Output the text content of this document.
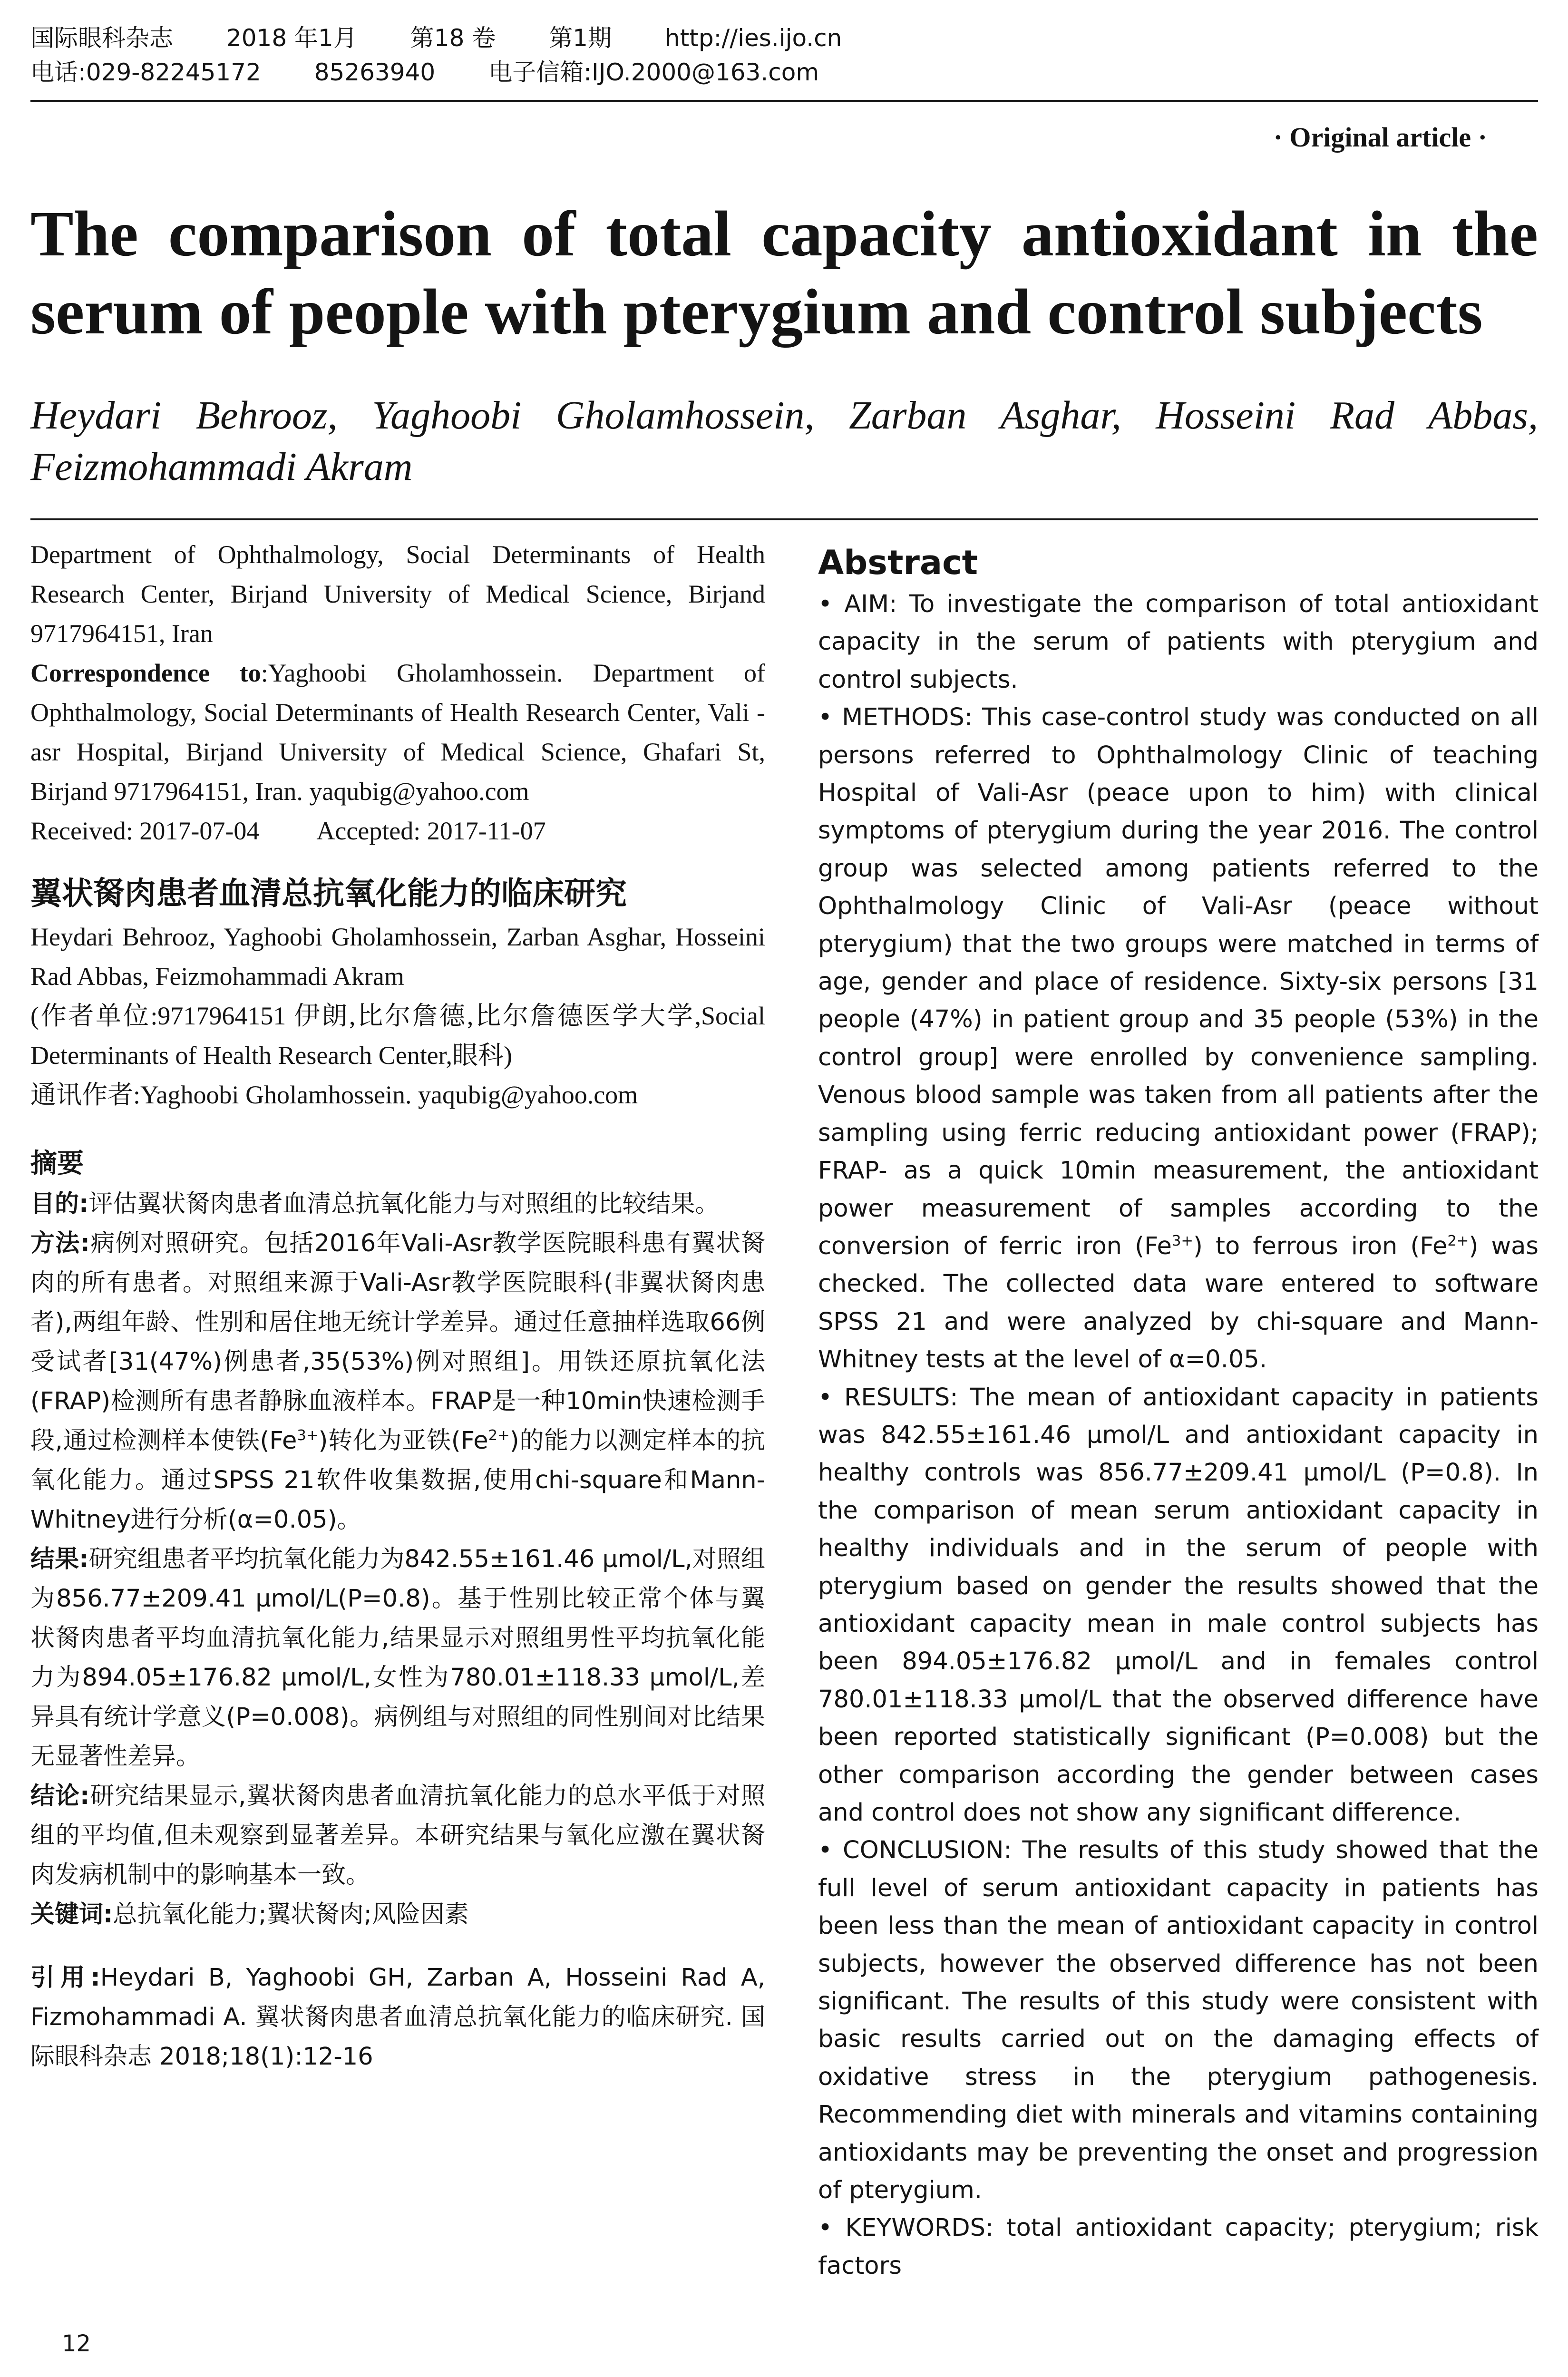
国际眼科杂志 2018 年1月 第18 卷 第1期 http://ies.ijo.cn
电话:029-82245172 85263940 电子信箱:IJO.2000@163.com
· Original article ·
The comparison of total capacity antioxidant in the serum of people with pterygium and control subjects
Heydari Behrooz, Yaghoobi Gholamhossein, Zarban Asghar, Hosseini Rad Abbas, Feizmohammadi Akram

Department of Ophthalmology, Social Determinants of Health Research Center, Birjand University of Medical Science, Birjand 9717964151, Iran

Correspondence to:Yaghoobi Gholamhossein. Department of Ophthalmology, Social Determinants of Health Research Center, Vali - asr Hospital, Birjand University of Medical Science, Ghafari St, Birjand 9717964151, Iran. yaqubig@yahoo.com

Received: 2017-07-04 Accepted: 2017-11-07

翼状胬肉患者血清总抗氧化能力的临床研究

Heydari Behrooz, Yaghoobi Gholamhossein, Zarban Asghar, Hosseini Rad Abbas, Feizmohammadi Akram

(作者单位:9717964151 伊朗,比尔詹德,比尔詹德医学大学,Social Determinants of Health Research Center,眼科)

通讯作者:Yaghoobi Gholamhossein. yaqubig@yahoo.com

摘要

目的:评估翼状胬肉患者血清总抗氧化能力与对照组的比较结果。

方法:病例对照研究。包括2016年Vali-Asr教学医院眼科患有翼状胬肉的所有患者。对照组来源于Vali-Asr教学医院眼科(非翼状胬肉患者),两组年龄、性别和居住地无统计学差异。通过任意抽样选取66例受试者[31(47%)例患者,35(53%)例对照组]。用铁还原抗氧化法(FRAP)检测所有患者静脉血液样本。FRAP是一种10min快速检测手段,通过检测样本使铁$(Fe^{3+})$转化为亚铁$(Fe^{2+})$的能力以测定样本的抗氧化能力。通过SPSS 21软件收集数据,使用chi-square和Mann-Whitney进行分析(α=0.05)。

结果:研究组患者平均抗氧化能力为842.55±161.46 μmol/L,对照组为856.77±209.41 μmol/L(P=0.8)。基于性别比较正常个体与翼状胬肉患者平均血清抗氧化能力,结果显示对照组男性平均抗氧化能力为894.05±176.82 μmol/L,女性为780.01±118.33 μmol/L,差异具有统计学意义(P=0.008)。病例组与对照组的同性别间对比结果无显著性差异。

结论:研究结果显示,翼状胬肉患者血清抗氧化能力的总水平低于对照组的平均值,但未观察到显著差异。本研究结果与氧化应激在翼状胬肉发病机制中的影响基本一致。

关键词:总抗氧化能力;翼状胬肉;风险因素

引用:Heydari B, Yaghoobi GH, Zarban A, Hosseini Rad A, Fizmohammadi A. 翼状胬肉患者血清总抗氧化能力的临床研究. 国际眼科杂志 2018;18(1):12-16

Abstract

• AIM: To investigate the comparison of total antioxidant capacity in the serum of patients with pterygium and control subjects.

• METHODS: This case-control study was conducted on all persons referred to Ophthalmology Clinic of teaching Hospital of Vali-Asr (peace upon to him) with clinical symptoms of pterygium during the year 2016. The control group was selected among patients referred to the Ophthalmology Clinic of Vali-Asr (peace without pterygium) that the two groups were matched in terms of age, gender and place of residence. Sixty-six persons [31 people (47%) in patient group and 35 people (53%) in the control group] were enrolled by convenience sampling. Venous blood sample was taken from all patients after the sampling using ferric reducing antioxidant power (FRAP); FRAP- as a quick 10min measurement, the antioxidant power measurement of samples according to the conversion of ferric iron $(Fe^{3+})$ to ferrous iron $(Fe^{2+})$ was checked. The collected data ware entered to software SPSS 21 and were analyzed by chi-square and Mann-Whitney tests at the level of α=0.05.

• RESULTS: The mean of antioxidant capacity in patients was 842.55±161.46 μmol/L and antioxidant capacity in healthy controls was 856.77±209.41 μmol/L (P=0.8). In the comparison of mean serum antioxidant capacity in healthy individuals and in the serum of people with pterygium based on gender the results showed that the antioxidant capacity mean in male control subjects has been 894.05±176.82 μmol/L and in females control 780.01±118.33 μmol/L that the observed difference have been reported statistically significant (P=0.008) but the other comparison according the gender between cases and control does not show any significant difference.

• CONCLUSION: The results of this study showed that the full level of serum antioxidant capacity in patients has been less than the mean of antioxidant capacity in control subjects, however the observed difference has not been significant. The results of this study were consistent with basic results carried out on the damaging effects of oxidative stress in the pterygium pathogenesis. Recommending diet with minerals and vitamins containing antioxidants may be preventing the onset and progression of pterygium.

• KEYWORDS: total antioxidant capacity; pterygium; risk factors

12
